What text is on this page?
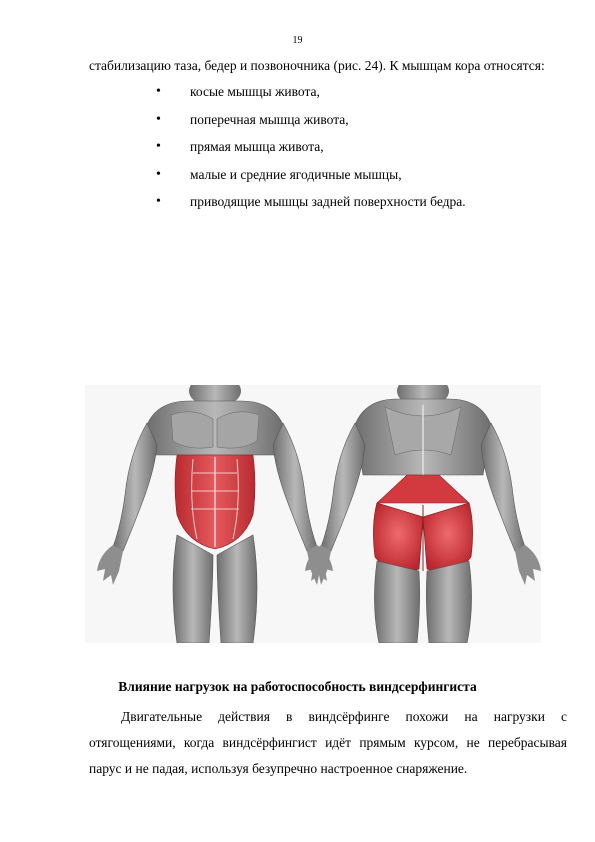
19
стабилизацию таза, бедер и позвоночника (рис. 24). К мышцам кора относятся:
•	косые мышцы живота,
•	поперечная мышца живота,
•	прямая мышца живота,
•	малые и средние ягодичные мышцы,
•	приводящие мышцы задней поверхности бедра.
Влияние нагрузок на работоспособность виндсерфингиста
Двигательные действия в виндсёрфинге похожи на нагрузки с
отягощениями, когда виндсёрфингист идёт прямым курсом, не перебрасывая
парус и не падая, используя безупречно настроенное снаряжение.
